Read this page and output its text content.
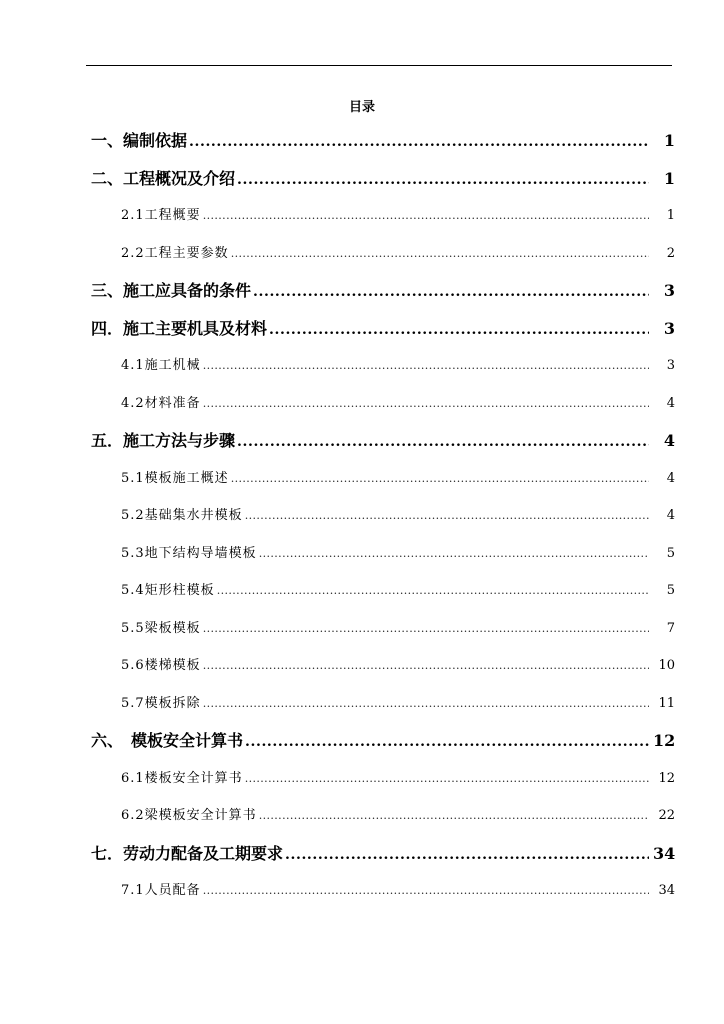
目录
一、编制依据 .....	1
二、工程概况及介绍 .....	1
2.1工程概要 .....	1
2.2工程主要参数 .....	2
三、施工应具备的条件 .....	3
四．施工主要机具及材料 .....	3
4.1施工机械 .....	3
4.2材料准备 .....	4
五．施工方法与步骤 .....	4
5.1模板施工概述 .....	4
5.2基础集水井模板 .....	4
5.3地下结构导墙模板 .....	5
5.4矩形柱模板 .....	5
5.5梁板模板 .....	7
5.6楼梯模板 .....	10
5.7模板拆除 .....	11
六、　模板安全计算书 .....	12
6.1楼板安全计算书 .....	12
6.2梁模板安全计算书 .....	22
七．劳动力配备及工期要求 .....	34
7.1人员配备 .....	34
